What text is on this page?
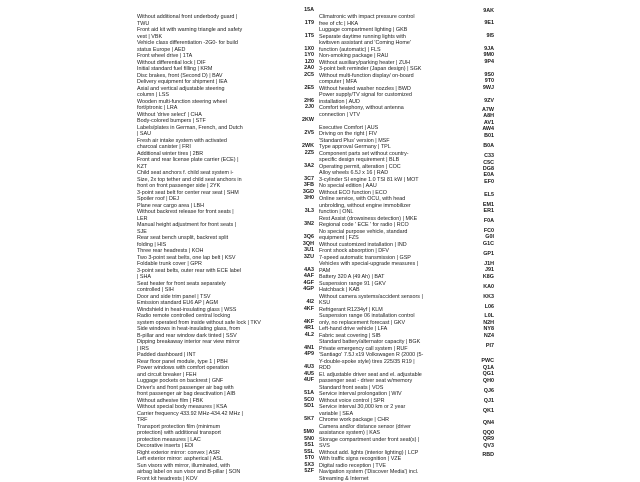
Without additional front underbody guard |
TWU
Front aid kit with warning triangle and safety
vest | VBK
Vehicle class differentiation -2G0- for build
status Europe | AED
Front wheel drive | 1TA
Without differential lock | DIF
Initial standard fuel filling | KRM
Disc brakes, front (Second D) | BAV
Delivery equipment for shipment | IEA
Axial and vertical adjustable steering
column | LSS
Wooden multi-function steering wheel
fort/ptronic | LRA
Without 'drive select' | CHA
Body-colored bumpers | STF
Labels/plates in German, French, and Dutch
| SAU
Fresh air intake system with activated
charcoal canister | FRI
Additional winter tires | 2BR
Front and rear license plate carrier (ECE) |
KZT
Child seat anchors f. child seat system i-
Size, 2x top tether and child seat anchors in
front on front passenger side | 2YK
3-point seat belt for center rear seat | SHM
Spoiler roof | DEJ
Plane rear cargo area | LBH
Without backrest release for front seats |
LER
Manual height adjustment for front seats |
SJE
Rear seat bench unsplit, backrest split
folding | HIS
Three rear headrests | KOH
Two 3-point seat belts, one lap belt | KSV
Foldable trunk cover | GPR
3-point seat belts, outer rear with ECE label
| SHA
Seat heater for front seats separately
controlled | SIH
Door and side trim panel | TSV
Emission standard EU6 AP | AGM
Windshield in heat-insulating glass | WSS
Radio remote controlled central locking
system operated from inside without safe lock | TKV
Side windows in heat-insulating glass, from
B-pillar and rear window dark tinted | SSV
Dipping breakaway interior rear view mirror
| IRS
Padded dashboard | INT
Rear floor panel module, type 1 | PBH
Power windows with comfort operation
and circuit breaker | FEH
Luggage pockets on backrest | GNF
Driver's and front passenger air bag with
front passenger air bag deactivation | AIB
Without adhesive film | FBK
Without special body measures | KSA
Carrier frequency 433.92 MHz-434.42 MHz |
TRF
Transport protection film (minimum
protection) with additional transport
protection measures | LAC
Decorative inserts | EDI
Right exterior mirror: convex | ASR
Left exterior mirror: aspherical | ASL
Sun visors with mirror, illuminated, with
airbag label on sun visor and B-pillar | SON
Front kit headrests | KOV
15A
1T9
1T5
1X0
1Y0
1Z0
2A0
2C5
2E5
2H6
2J0
2KW
2V5
2WK
2Z5
3A2
3C7
3FB
3GD
3H0
3L3
3N2
3Q6
3QH
3U1
3ZU
4A3
4AF
4GF
4GP
4I2
4KF
4KF
4R1
4L2
4N1
4P9
4U3
4U5
4UF
51A
5C0
5D1
5K7
5M0
5N0
5S1
5SL
5T0
5X3
5ZF
Climatronic with impact pressure control
free of cfc | HKA
Luggage compartment lighting | GKB
Separate daytime running lights with
kwitsven assistant and 'Coming Home'
function (automatic) | FLS
Non-smoking package | RAU
Without auxiliary/parking heater | ZUH
3-point belt reminder (Japan design) | SGK
Without multi-function display/ on-board
computer | MFA
Without heated washer nozzles | BWD
Power supply/TV signal for customized
installation | AUD
Comfort telephony, without antenna
connection | VTV
Executive Comfort | AUS
Driving on the right | FIV
'Standard Plus' version | MSF
Type approval Germany | TPL
Component parts set without country-
specific design requirement | BLB
Operating permit, alteration | COC
Alloy wheels 6.5J x 16 | RAD
3-cylinder SI engine 1.0 TSI 81 kW | MOT
No special edition | AAU
Without ECO function | ECO
Online service, with OCU, with head
unbrolding, without engine immobilizer
function | ONL
Rest Assist (drowsiness detection) | MKE
Regional code ' ECE ' for radio | RCO
No special purpose vehicle, standard
equipment | FZS
Without customized installation | IND
Front shock absorption | DFV
7-speed automatic transmission | GSP
Vehicles with special-upgrade measures |
PAM
Battery 320 A (49 Ah) | BAT
Suspension range 91 | GKV
Hatchback | KAB
Without camera systems/accident sensors |
KSU
Refrigerant R1234yf | KLM
Suspension range 06 installation control
only, no replacement forecast | GKV
Left-hand drive vehicle | LFA
Fabric seat covering | SIB
Standard battery/alternator capacity | BGK
Private emergency call system | RUF
'Santiago' 7.5J x19 Volkswagen R (2000 (5-
Y-double-spoke style) tires 225/35 R19 |
RDD
El. adjustable driver seat and el. adjustable
passenger seat - driver seat w/memory
Standard front seats | VOS
Service interval prolongation | WIV
Without voice control | SPR
Service interval 30,000 km or 2 year
variable | SEA
Chrome work package | CHR
Camera and/or distance sensor (driver
assistance system) | KAS
Storage compartment under front seat(s) |
SVS
Without add. lights (interior lighting) | LCP
With traffic signs recognition | VZE
Digital radio reception | TVE
Navigation system ('Discover Media') incl.
Streaming & Internet
9AK
9E1
9I5
9JA
9M0
9P4
9S0
9T0
9WJ
9ZV
A7W
A8H
AV1
AW4
B01
B0A
C33
C5C
DG8
E0A
EF0
EL5
EM1
ER1
F0A
FC0
G0I
G1C
GP1
J1H
J91
K8G
KA0
KK3
L06
L0L
N2H
NY8
NZ4
PI7
PWC
Q1A
QG1
QH0
QJ6
QJ1
QK1
QN4
QQ0
QR9
QV3
RBD
